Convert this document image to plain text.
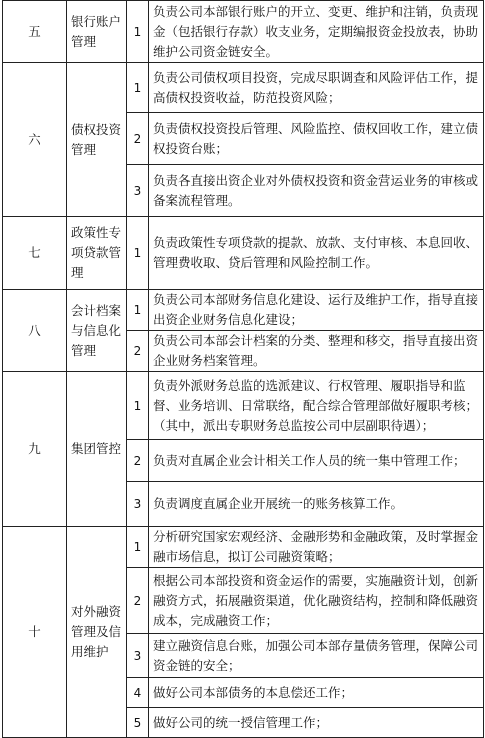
五	银行账户管理	1	负责公司本部银行账户的开立、变更、维护和注销，负责现金（包括银行存款）收支业务，定期编报资金投放表，协助维护公司资金链安全。
六	债权投资管理	1	负责公司债权项目投资，完成尽职调查和风险评估工作，提高债权投资收益，防范投资风险；
		2	负责债权投资投后管理、风险监控、债权回收工作，建立债权投资台账；
		3	负责各直接出资企业对外债权投资和资金营运业务的审核或备案流程管理。
七	政策性专项贷款管理	1	负责政策性专项贷款的提款、放款、支付审核、本息回收、管理费收取、贷后管理和风险控制工作。
八	会计档案与信息化管理	1	负责公司本部财务信息化建设、运行及维护工作，指导直接出资企业财务信息化建设；
		2	负责公司本部会计档案的分类、整理和移交，指导直接出资企业财务档案管理。
九	集团管控	1	负责外派财务总监的选派建议、行权管理、履职指导和监督、业务培训、日常联络，配合综合管理部做好履职考核；（其中，派出专职财务总监按公司中层副职待遇）；
		2	负责对直属企业会计相关工作人员的统一集中管理工作；
		3	负责调度直属企业开展统一的账务核算工作。
十	对外融资管理及信用维护	1	分析研究国家宏观经济、金融形势和金融政策，及时掌握金融市场信息，拟订公司融资策略；
		2	根据公司本部投资和资金运作的需要，实施融资计划，创新融资方式，拓展融资渠道，优化融资结构，控制和降低融资成本，完成融资工作；
		3	建立融资信息台账，加强公司本部存量债务管理，保障公司资金链的安全；
		4	做好公司本部债务的本息偿还工作；
		5	做好公司的统一授信管理工作；
